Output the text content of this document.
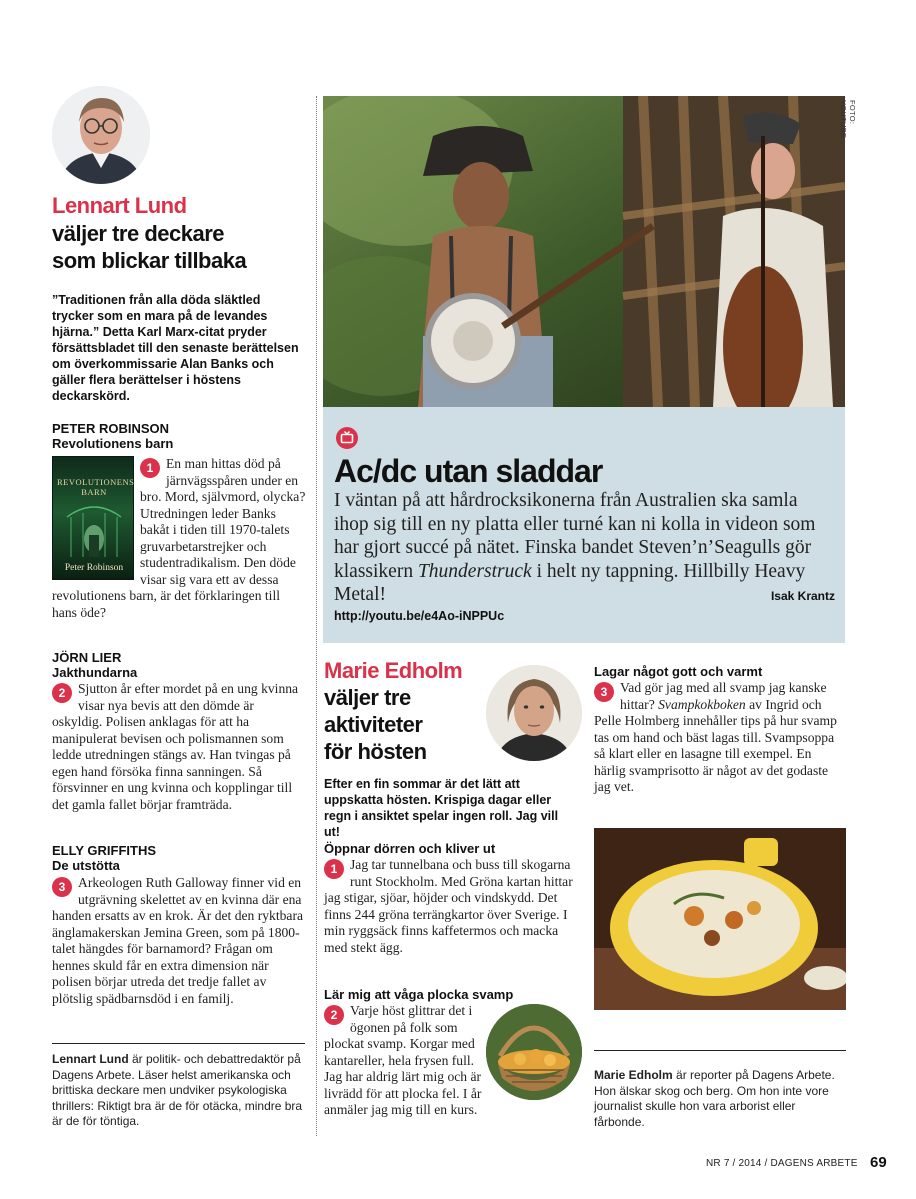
Lennart Lund
väljer tre deckare
som blickar tillbaka
”Traditionen från alla döda släktled trycker som en mara på de levandes hjärna.” Detta Karl Marx-citat pryder försättsbladet till den senaste berättelsen om överkommissarie Alan Banks och gäller flera berättelser i höstens deckarskörd.
PETER ROBINSON
Revolutionens barn
REVOLUTIONENS BARN
Peter Robinson
1 En man hittas död på järnvägsspåren under en bro. Mord, självmord, olycka? Utredningen leder Banks bakåt i tiden till 1970-talets gruvarbetarstrejker och studentradikalism. Den döde visar sig vara ett av dessa revolutionens barn, är det förklaringen till hans öde?
JÖRN LIER
Jakthundarna
2 Sjutton år efter mordet på en ung kvinna visar nya bevis att den dömde är oskyldig. Polisen anklagas för att ha manipulerat bevisen och polismannen som ledde utredningen stängs av. Han tvingas på egen hand försöka finna sanningen. Så försvinner en ung kvinna och kopplingar till det gamla fallet börjar framträda.
ELLY GRIFFITHS
De utstötta
3 Arkeologen Ruth Galloway finner vid en utgrävning skelettet av en kvinna där ena handen ersatts av en krok. Är det den ryktbara änglamakerskan Jemina Green, som på 1800-talet hängdes för barnamord? Frågan om hennes skuld får en extra dimension när polisen börjar utreda det tredje fallet av plötslig spädbarnsdöd i en familj.
Lennart Lund är politik- och debattredaktör på Dagens Arbete. Läser helst amerikanska och brittiska deckare men undviker psykologiska thrillers: Riktigt bra är de för otäcka, mindre bra är de för töntiga.
FOTO: YOUTUBE
Ac/dc utan sladdar
I väntan på att hårdrocksikonerna från Australien ska samla ihop sig till en ny platta eller turné kan ni kolla in videon som har gjort succé på nätet. Finska bandet Steven’n’Seagulls gör klassikern Thunderstruck i helt ny tappning. Hillbilly Heavy Metal!	Isak Krantz
http://youtu.be/e4Ao-iNPPUc
Marie Edholm
väljer tre
aktiviteter
för hösten
Efter en fin sommar är det lätt att uppskatta hösten. Krispiga dagar eller regn i ansiktet spelar ingen roll. Jag vill ut!
Öppnar dörren och kliver ut
1 Jag tar tunnelbana och buss till skogarna runt Stockholm. Med Gröna kartan hittar jag stigar, sjöar, höjder och vindskydd. Det finns 244 gröna terrängkartor över Sverige. I min ryggsäck finns kaffetermos och macka med stekt ägg.
Lär mig att våga plocka svamp
2 Varje höst glittrar det i ögonen på folk som plockat svamp. Korgar med kantareller, hela frysen full. Jag har aldrig lärt mig och är livrädd för att plocka fel. I år anmäler jag mig till en kurs.
Lagar något gott och varmt
3 Vad gör jag med all svamp jag kanske hittar? Svampkokboken av Ingrid och Pelle Holmberg innehåller tips på hur svamp tas om hand och bäst lagas till. Svampsoppa så klart eller en lasagne till exempel. En härlig svamprisotto är något av det godaste jag vet.
Marie Edholm är reporter på Dagens Arbete. Hon älskar skog och berg. Om hon inte vore journalist skulle hon vara arborist eller fårbonde.
NR 7 / 2014 / DAGENS ARBETE 69
